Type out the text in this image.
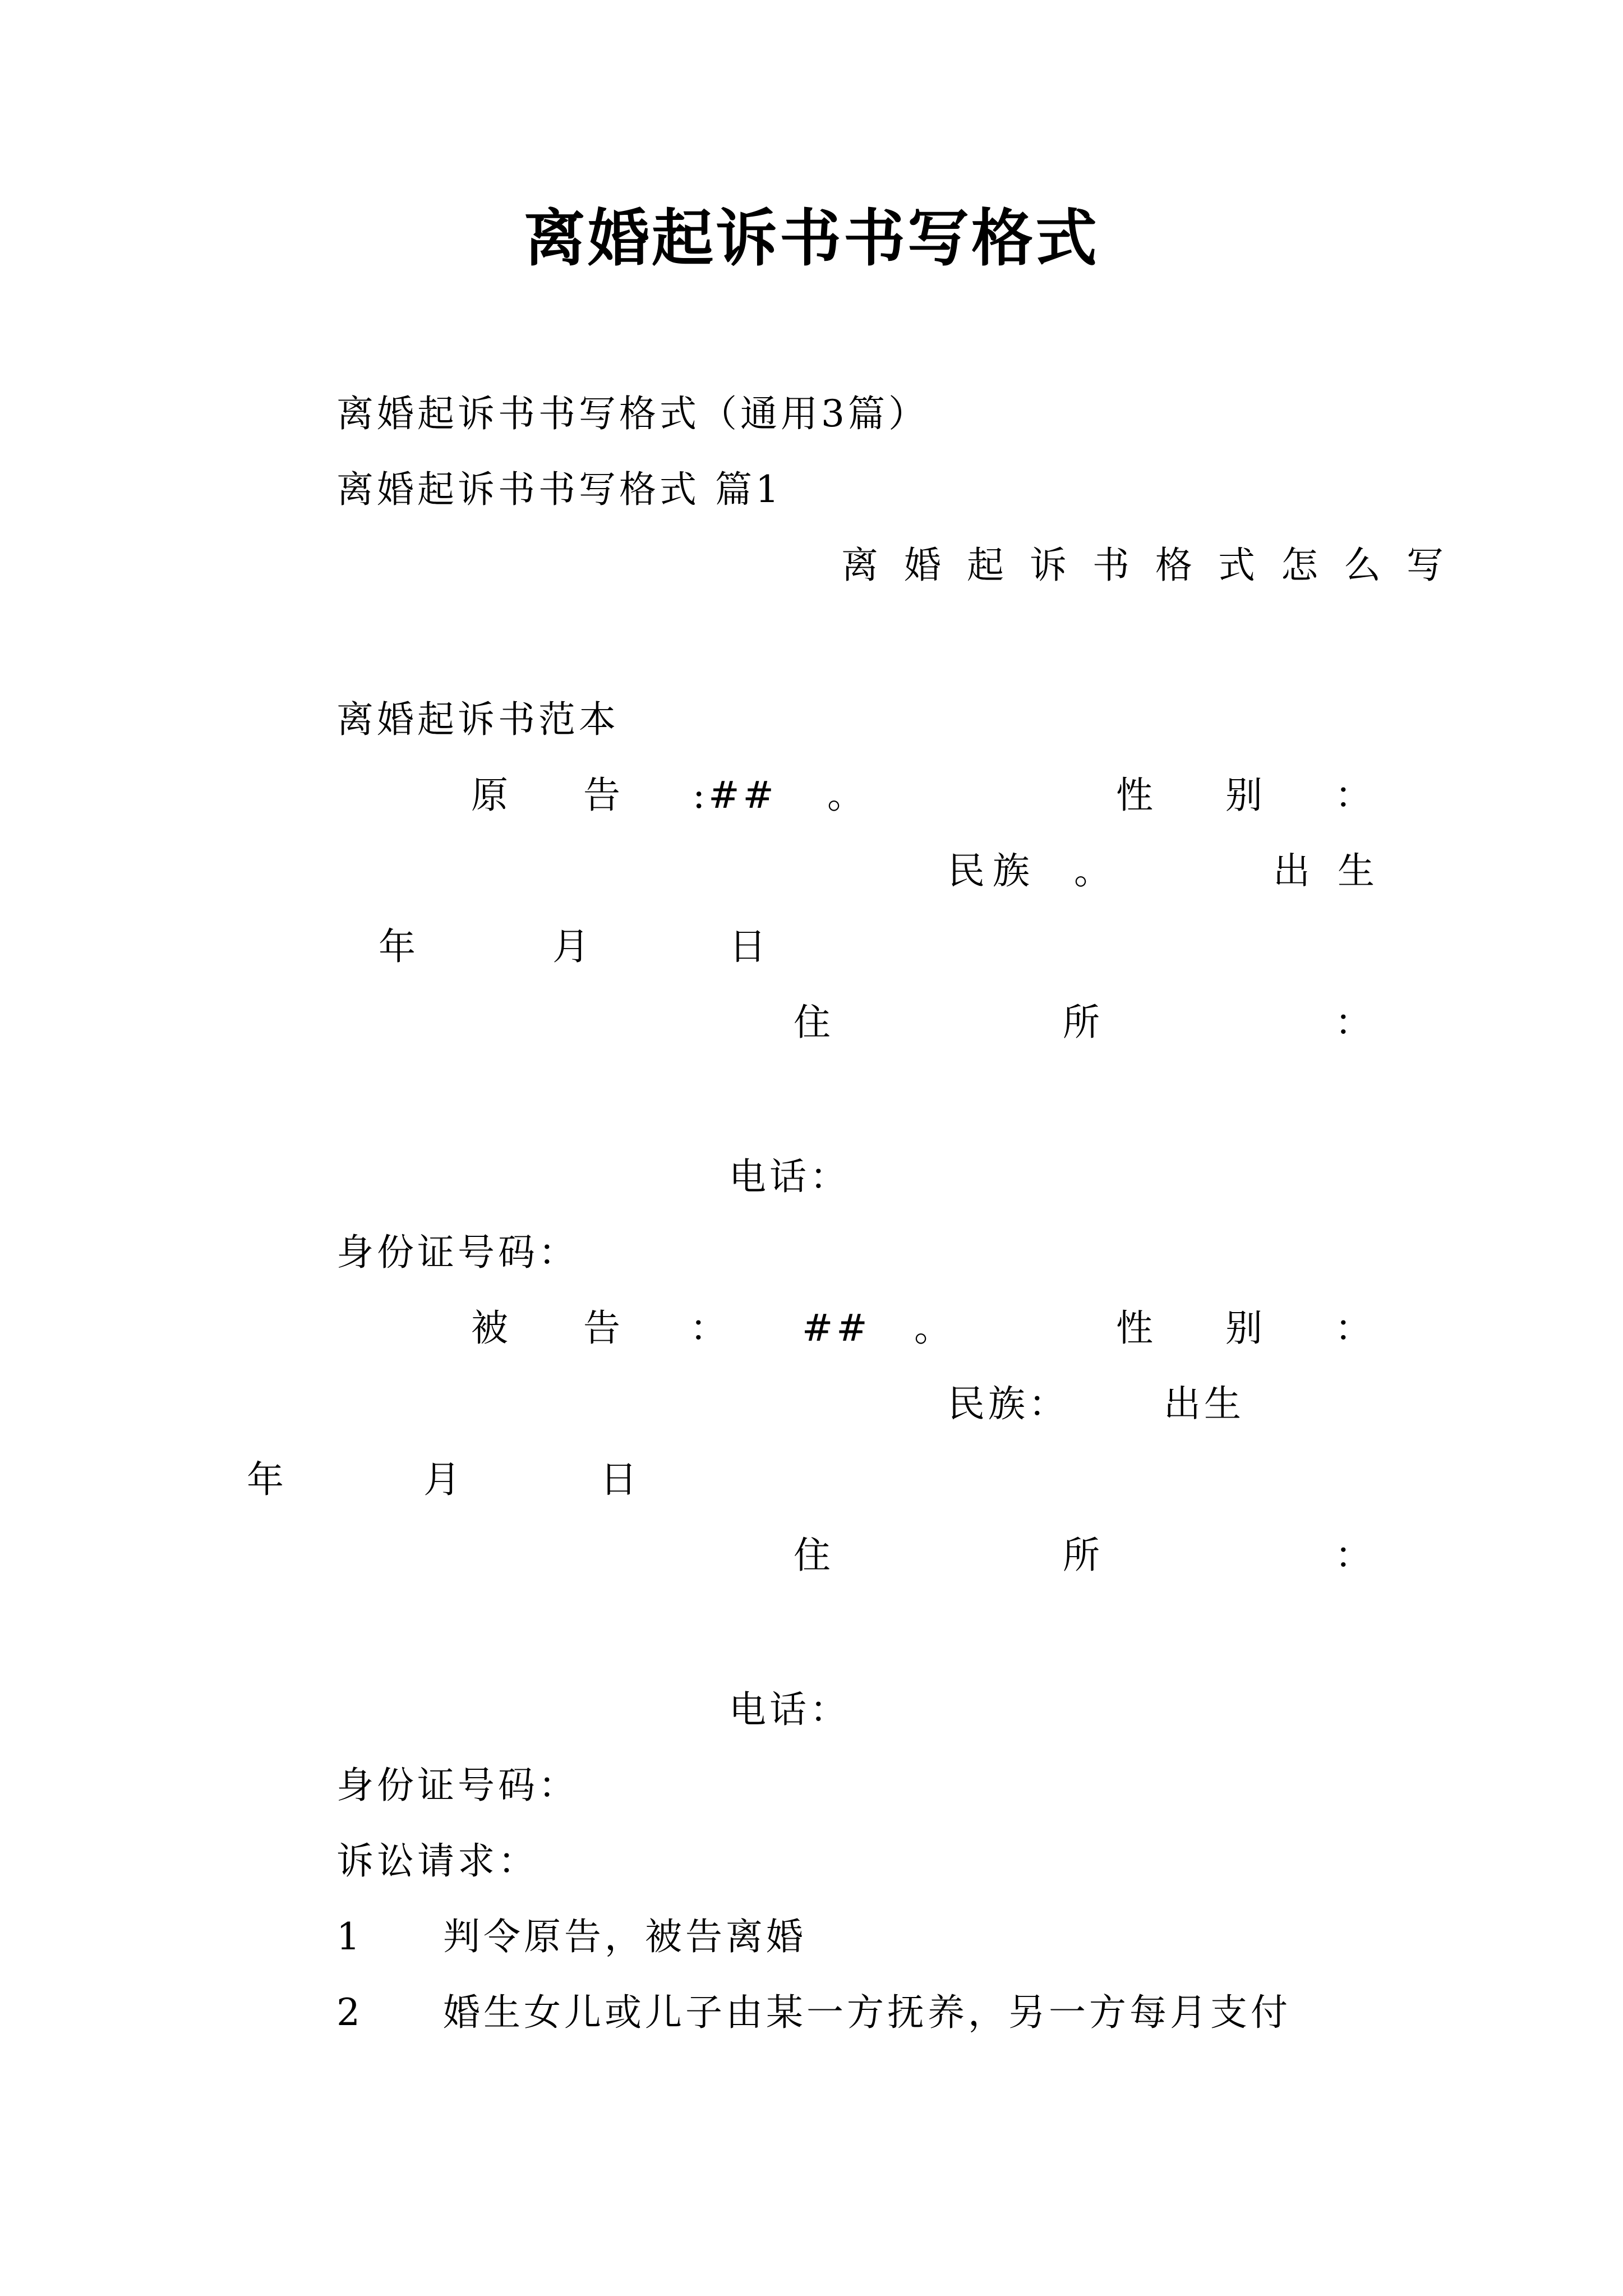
离婚起诉书书写格式
离婚起诉书书写格式（通用3篇）
离婚起诉书书写格式 篇1
离婚起诉书格式怎么写
离婚起诉书范本
原 告 :## 。	性 别 ：
民族 。	出 生
年	月	日
住	所	：
电话：
身份证号码：
被 告 ： ## 。	性 别 ：
民族：	出生
年	月	日
住	所	：
电话：
身份证号码：
诉讼请求：
1 判令原告，被告离婚
2 婚生女儿或儿子由某一方抚养，另一方每月支付
